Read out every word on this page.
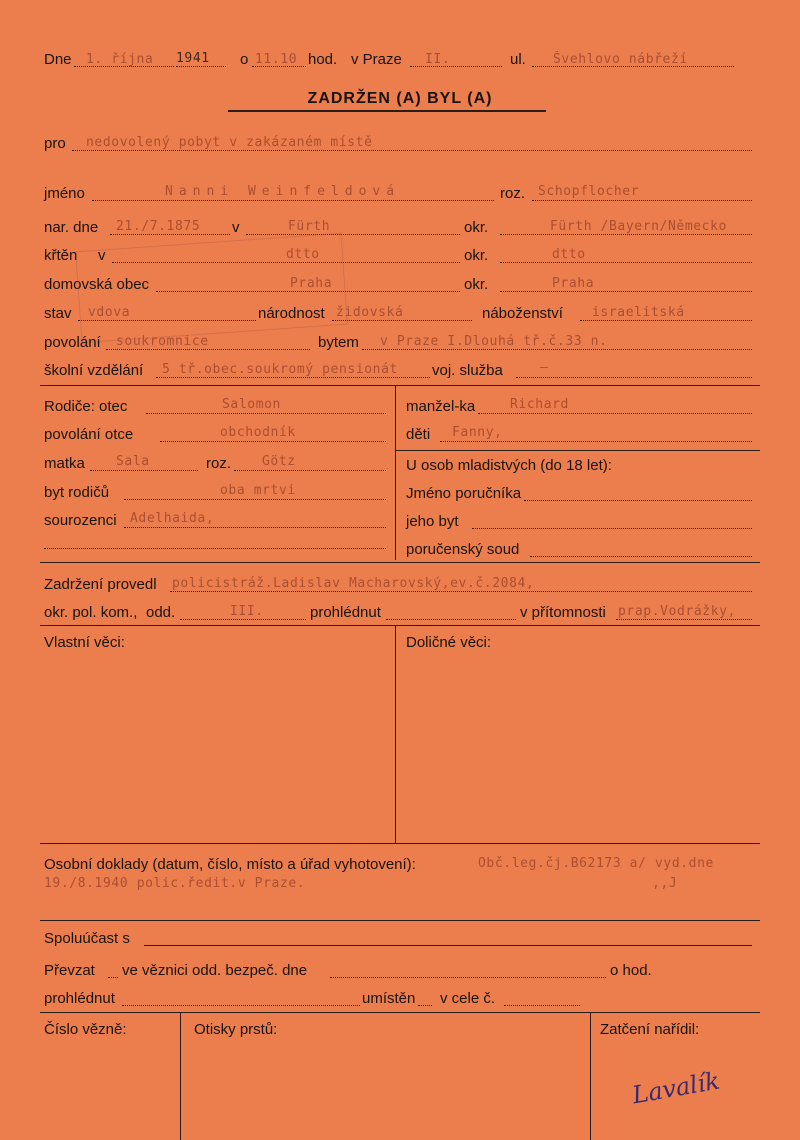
Dne 1. října 1941 o 11.10 hod. v Praze II.	ul. Švehlovo nábřeží
ZADRŽEN (A) BYL (A)
pro nedovolený pobyt v zakázaném místě
jméno	Nanni Weinfeldová	roz. Schopflocher
nar. dne 21./7.1875 v	Fürth	okr.	Fürth /Bayern/Německo
křtěn v	dtto	okr.	dtto
domovská obec	Praha	okr.	Praha
stav vdova	národnost židovská	náboženství israelitská
povolání soukromnice	bytem v Praze I.Dlouhá tř.č.33 n.
školní vzdělání 5 tř.obec.soukromý pensionát voj. služba	—
Rodiče: otec	Salomon
povolání otce	obchodník
matka Sala	roz. Götz
byt rodičů	oba mrtvi
sourozenci Adelhaida,
manžel-ka	Richard
děti Fanny,
U osob mladistvých (do 18 let):
Jméno poručníka
jeho byt
poručenský soud
Zadržení provedl policistráž.Ladislav Macharovský,ev.č.2084,
okr. pol. kom., odd.	III.	prohlédnut	v přítomnosti prap.Vodrážky,
Vlastní věci:	Doličné věci:
Osobní doklady (datum, číslo, místo a úřad vyhotovení):	Obč.leg.čj.B62173 a/ vyd.dne
19./8.1940 polic.ředit.v Praze.	,,J
Spoluúčast s
Převzat ve věznici odd. bezpeč. dne	o hod.
prohlédnut	umístěn v cele č.
Číslo vězně:	Otisky prstů:	Zatčení nařídil:
Lavalík
